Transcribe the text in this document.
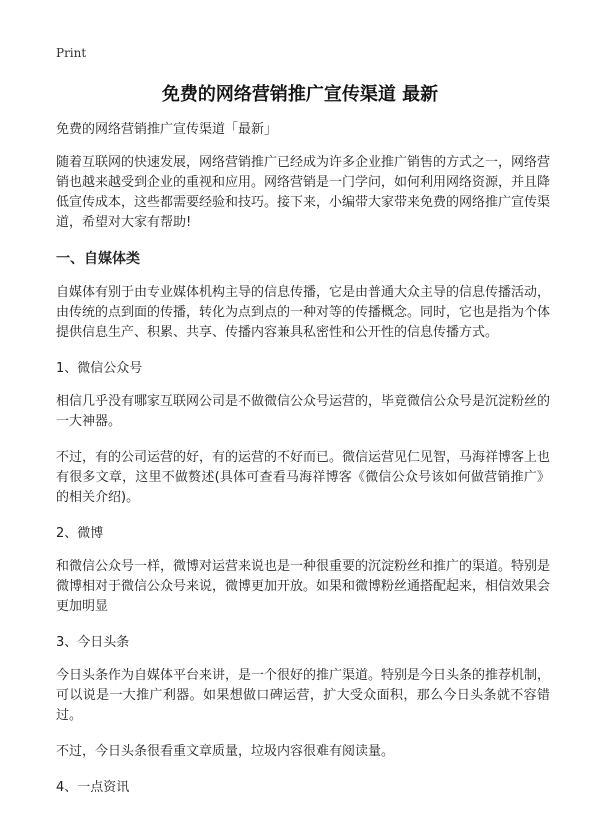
Print
免费的网络营销推广宣传渠道 最新

免费的网络营销推广宣传渠道「最新」

随着互联网的快速发展，网络营销推广已经成为许多企业推广销售的方式之一，网络营销也越来越受到企业的重视和应用。网络营销是一门学问，如何利用网络资源，并且降低宣传成本，这些都需要经验和技巧。接下来，小编带大家带来免费的网络推广宣传渠道，希望对大家有帮助!

一、自媒体类

自媒体有别于由专业媒体机构主导的信息传播，它是由普通大众主导的信息传播活动，由传统的点到面的传播，转化为点到点的一种对等的传播概念。同时，它也是指为个体提供信息生产、积累、共享、传播内容兼具私密性和公开性的信息传播方式。

1、微信公众号

相信几乎没有哪家互联网公司是不做微信公众号运营的，毕竟微信公众号是沉淀粉丝的一大神器。

不过，有的公司运营的好，有的运营的不好而已。微信运营见仁见智，马海祥博客上也有很多文章，这里不做赘述(具体可查看马海祥博客《微信公众号该如何做营销推广》的相关介绍)。

2、微博

和微信公众号一样，微博对运营来说也是一种很重要的沉淀粉丝和推广的渠道。特别是微博相对于微信公众号来说，微博更加开放。如果和微博粉丝通搭配起来，相信效果会更加明显

3、今日头条

今日头条作为自媒体平台来讲，是一个很好的推广渠道。特别是今日头条的推荐机制，可以说是一大推广利器。如果想做口碑运营，扩大受众面积，那么今日头条就不容错过。

不过，今日头条很看重文章质量，垃圾内容很难有阅读量。

4、一点资讯
